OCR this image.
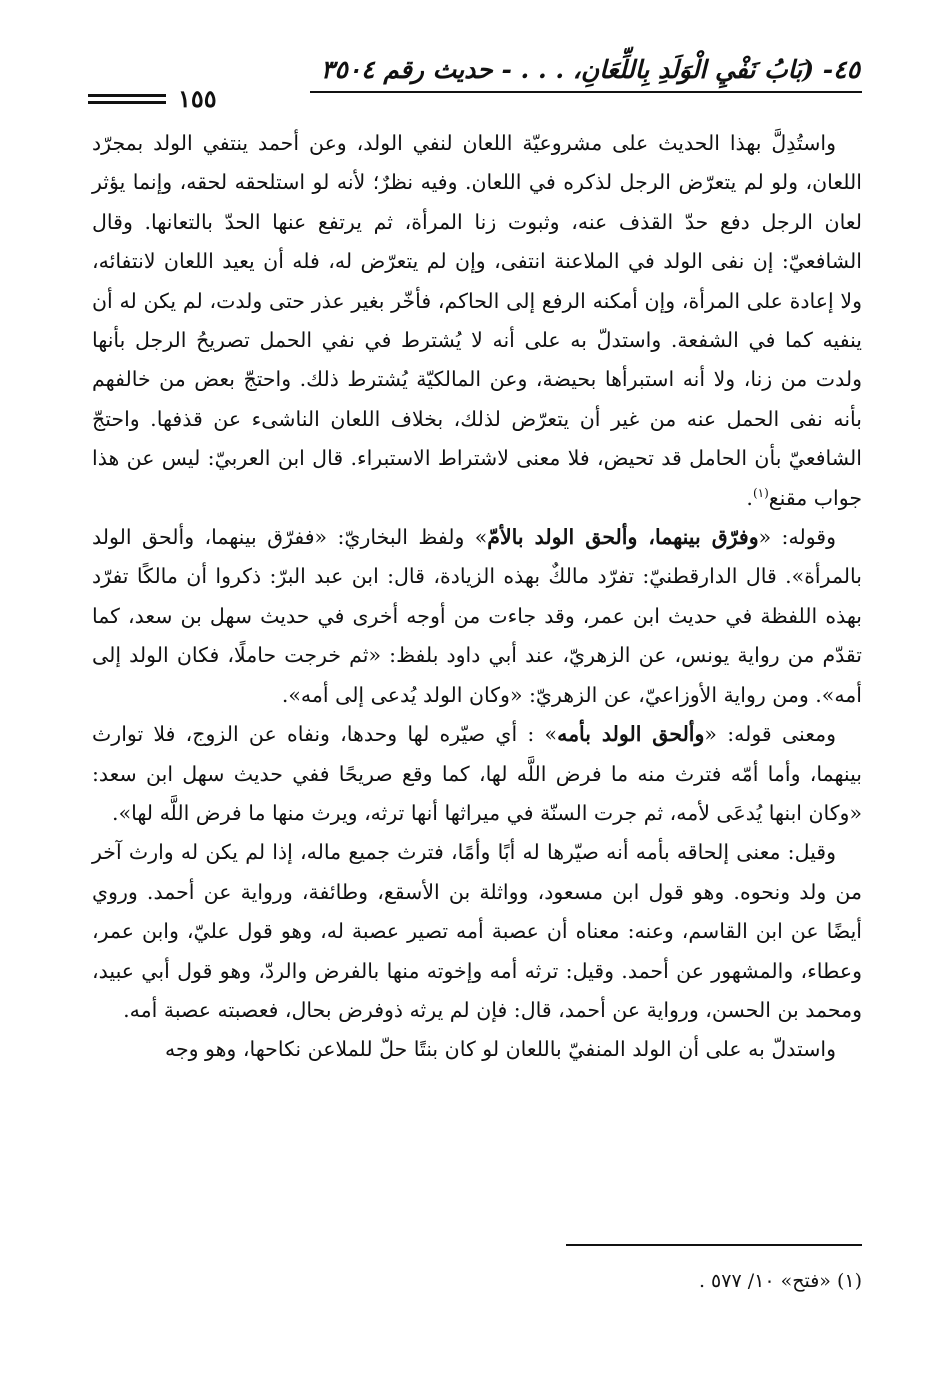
٤٥- (بَابُ نَفْيِ الْوَلَدِ بِاللِّعَانِ، . . . - حديث رقم ٣٥٠٤
١٥٥

واستُدِلَّ بهذا الحديث على مشروعيّة اللعان لنفي الولد، وعن أحمد ينتفي الولد بمجرّد اللعان، ولو لم يتعرّض الرجل لذكره في اللعان. وفيه نظرٌ؛ لأنه لو استلحقه لحقه، وإنما يؤثر لعان الرجل دفع حدّ القذف عنه، وثبوت زنا المرأة، ثم يرتفع عنها الحدّ بالتعانها. وقال الشافعيّ: إن نفى الولد في الملاعنة انتفى، وإن لم يتعرّض له، فله أن يعيد اللعان لانتفائه، ولا إعادة على المرأة، وإن أمكنه الرفع إلى الحاكم، فأخّر بغير عذر حتى ولدت، لم يكن له أن ينفيه كما في الشفعة. واستدلّ به على أنه لا يُشترط في نفي الحمل تصريحُ الرجل بأنها ولدت من زنا، ولا أنه استبرأها بحيضة، وعن المالكيّة يُشترط ذلك. واحتجّ بعض من خالفهم بأنه نفى الحمل عنه من غير أن يتعرّض لذلك، بخلاف اللعان الناشىء عن قذفها. واحتجّ الشافعيّ بأن الحامل قد تحيض، فلا معنى لاشتراط الاستبراء. قال ابن العربيّ: ليس عن هذا جواب مقنع$^{(١)}$.

وقوله: «وفرّق بينهما، وألحق الولد بالأمّ» ولفظ البخاريّ: «ففرّق بينهما، وألحق الولد بالمرأة». قال الدارقطنيّ: تفرّد مالكٌ بهذه الزيادة، قال: ابن عبد البرّ: ذكروا أن مالكًا تفرّد بهذه اللفظة في حديث ابن عمر، وقد جاءت من أوجه أخرى في حديث سهل بن سعد، كما تقدّم من رواية يونس، عن الزهريّ، عند أبي داود بلفظ: «ثم خرجت حاملًا، فكان الولد إلى أمه». ومن رواية الأوزاعيّ، عن الزهريّ: «وكان الولد يُدعى إلى أمه».

ومعنى قوله: «وألحق الولد بأمه» : أي صيّره لها وحدها، ونفاه عن الزوج، فلا توارث بينهما، وأما أمّه فترث منه ما فرض اللَّه لها، كما وقع صريحًا ففي حديث سهل ابن سعد: «وكان ابنها يُدعَى لأمه، ثم جرت السنّة في ميراثها أنها ترثه، ويرث منها ما فرض اللَّه لها».

وقيل: معنى إلحاقه بأمه أنه صيّرها له أبًا وأمًا، فترث جميع ماله، إذا لم يكن له وارث آخر من ولد ونحوه. وهو قول ابن مسعود، وواثلة بن الأسقع، وطائفة، ورواية عن أحمد. وروي أيضًا عن ابن القاسم، وعنه: معناه أن عصبة أمه تصير عصبة له، وهو قول عليّ، وابن عمر، وعطاء، والمشهور عن أحمد. وقيل: ترثه أمه وإخوته منها بالفرض والردّ، وهو قول أبي عبيد، ومحمد بن الحسن، ورواية عن أحمد، قال: فإن لم يرثه ذوفرض بحال، فعصبته عصبة أمه.

واستدلّ به على أن الولد المنفيّ باللعان لو كان بنتًا حلّ للملاعن نكاحها، وهو وجه

(١) «فتح» ١٠/ ٥٧٧ .
